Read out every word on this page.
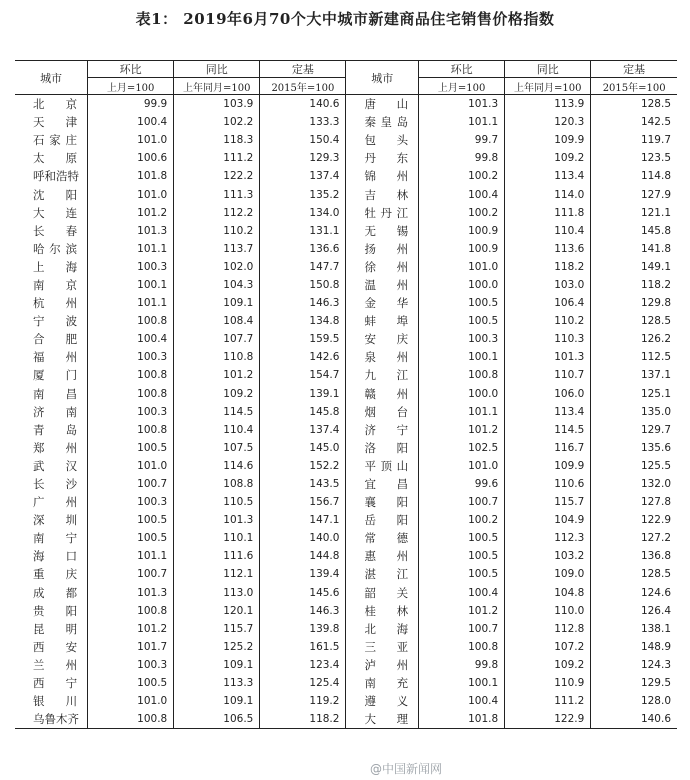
表1： 2019年6月70个大中城市新建商品住宅销售价格指数
城市	环比	同比	定基	城市	环比	同比	定基
	上月=100	上年同月=100	2015年=100		上月=100	上年同月=100	2015年=100
北京	99.9	103.9	140.6	唐山	101.3	113.9	128.5
天津	100.4	102.2	133.3	秦皇岛	101.1	120.3	142.5
石家庄	101.0	118.3	150.4	包头	99.7	109.9	119.7
太原	100.6	111.2	129.3	丹东	99.8	109.2	123.5
呼和浩特	101.8	122.2	137.4	锦州	100.2	113.4	114.8
沈阳	101.0	111.3	135.2	吉林	100.4	114.0	127.9
大连	101.2	112.2	134.0	牡丹江	100.2	111.8	121.1
长春	101.3	110.2	131.1	无锡	100.9	110.4	145.8
哈尔滨	101.1	113.7	136.6	扬州	100.9	113.6	141.8
上海	100.3	102.0	147.7	徐州	101.0	118.2	149.1
南京	100.1	104.3	150.8	温州	100.0	103.0	118.2
杭州	101.1	109.1	146.3	金华	100.5	106.4	129.8
宁波	100.8	108.4	134.8	蚌埠	100.5	110.2	128.5
合肥	100.4	107.7	159.5	安庆	100.3	110.3	126.2
福州	100.3	110.8	142.6	泉州	100.1	101.3	112.5
厦门	100.8	101.2	154.7	九江	100.8	110.7	137.1
南昌	100.8	109.2	139.1	赣州	100.0	106.0	125.1
济南	100.3	114.5	145.8	烟台	101.1	113.4	135.0
青岛	100.8	110.4	137.4	济宁	101.2	114.5	129.7
郑州	100.5	107.5	145.0	洛阳	102.5	116.7	135.6
武汉	101.0	114.6	152.2	平顶山	101.0	109.9	125.5
长沙	100.7	108.8	143.5	宜昌	99.6	110.6	132.0
广州	100.3	110.5	156.7	襄阳	100.7	115.7	127.8
深圳	100.5	101.3	147.1	岳阳	100.2	104.9	122.9
南宁	100.5	110.1	140.0	常德	100.5	112.3	127.2
海口	101.1	111.6	144.8	惠州	100.5	103.2	136.8
重庆	100.7	112.1	139.4	湛江	100.5	109.0	128.5
成都	101.3	113.0	145.6	韶关	100.4	104.8	124.6
贵阳	100.8	120.1	146.3	桂林	101.2	110.0	126.4
昆明	101.2	115.7	139.8	北海	100.7	112.8	138.1
西安	101.7	125.2	161.5	三亚	100.8	107.2	148.9
兰州	100.3	109.1	123.4	泸州	99.8	109.2	124.3
西宁	100.5	113.3	125.4	南充	100.1	110.9	129.5
银川	101.0	109.1	119.2	遵义	100.4	111.2	128.0
乌鲁木齐	100.8	106.5	118.2	大理	101.8	122.9	140.6
@中国新闻网
